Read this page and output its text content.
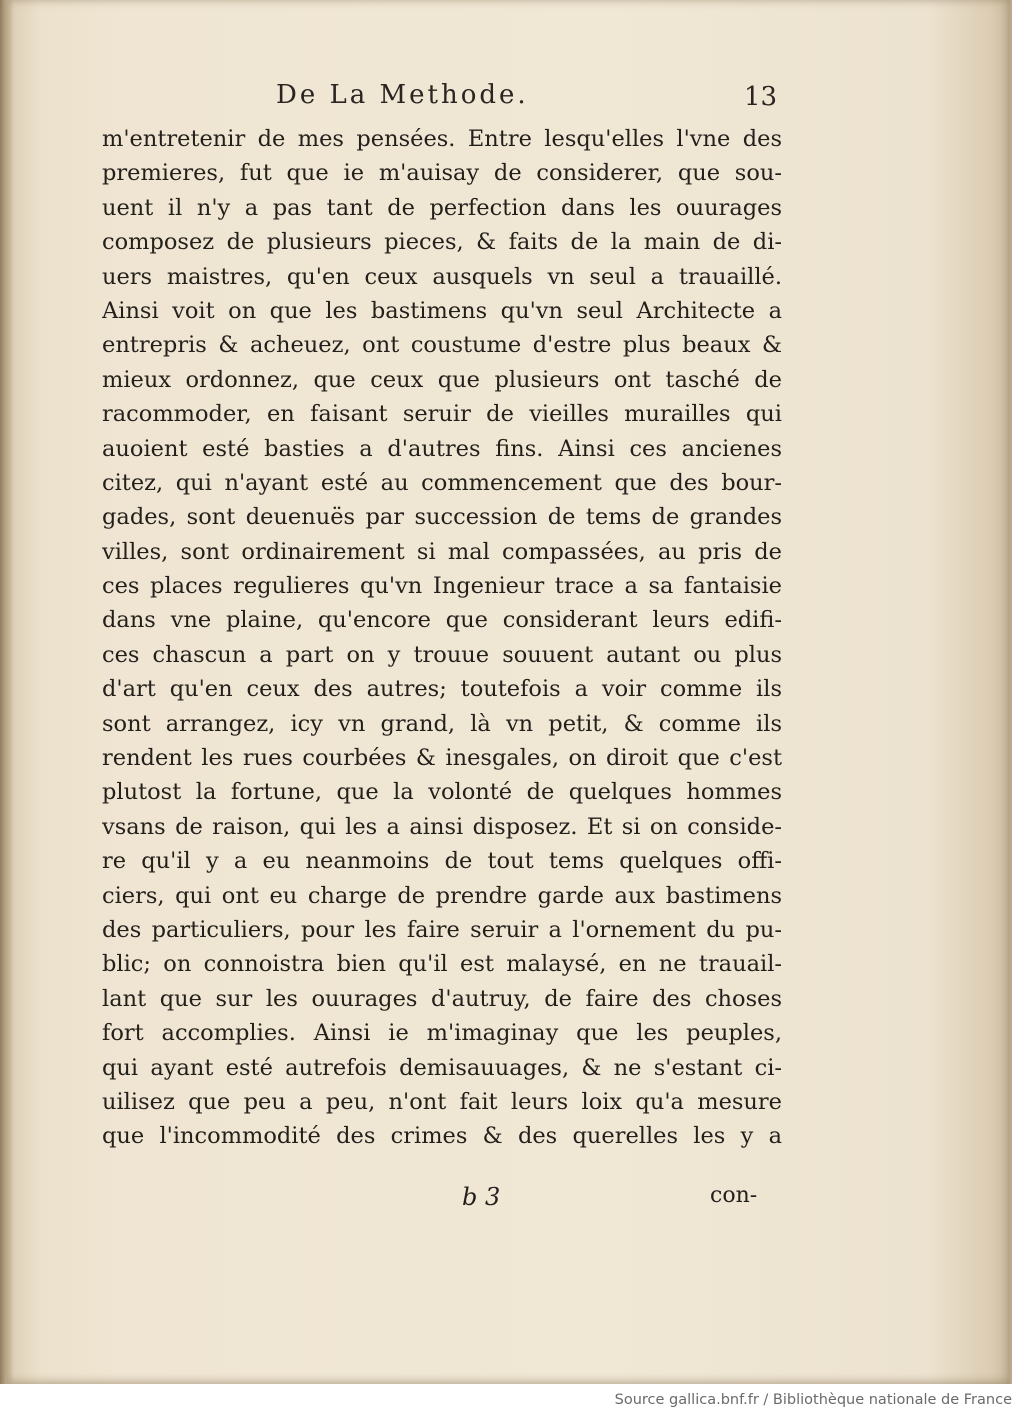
De La Methode.	13
m'entretenir de mes pensées. Entre lesqu'elles l'vne des
premieres, fut que ie m'auisay de considerer, que sou-
uent il n'y a pas tant de perfection dans les ouurages
composez de plusieurs pieces, & faits de la main de di-
uers maistres, qu'en ceux ausquels vn seul a trauaillé.
Ainsi voit on que les bastimens qu'vn seul Architecte a
entrepris & acheuez, ont coustume d'estre plus beaux &
mieux ordonnez, que ceux que plusieurs ont tasché de
racommoder, en faisant seruir de vieilles murailles qui
auoient esté basties a d'autres fins. Ainsi ces ancienes
citez, qui n'ayant esté au commencement que des bour-
gades, sont deuenuës par succession de tems de grandes
villes, sont ordinairement si mal compassées, au pris de
ces places regulieres qu'vn Ingenieur trace a sa fantaisie
dans vne plaine, qu'encore que considerant leurs edifi-
ces chascun a part on y trouue souuent autant ou plus
d'art qu'en ceux des autres; toutefois a voir comme ils
sont arrangez, icy vn grand, là vn petit, & comme ils
rendent les rues courbées & inesgales, on diroit que c'est
plutost la fortune, que la volonté de quelques hommes
vsans de raison, qui les a ainsi disposez. Et si on conside-
re qu'il y a eu neanmoins de tout tems quelques offi-
ciers, qui ont eu charge de prendre garde aux bastimens
des particuliers, pour les faire seruir a l'ornement du pu-
blic; on connoistra bien qu'il est malaysé, en ne trauail-
lant que sur les ouurages d'autruy, de faire des choses
fort accomplies. Ainsi ie m'imaginay que les peuples,
qui ayant esté autrefois demisauuages, & ne s'estant ci-
uilisez que peu a peu, n'ont fait leurs loix qu'a mesure
que l'incommodité des crimes & des querelles les y a
b 3	con-
Source gallica.bnf.fr / Bibliothèque nationale de France
